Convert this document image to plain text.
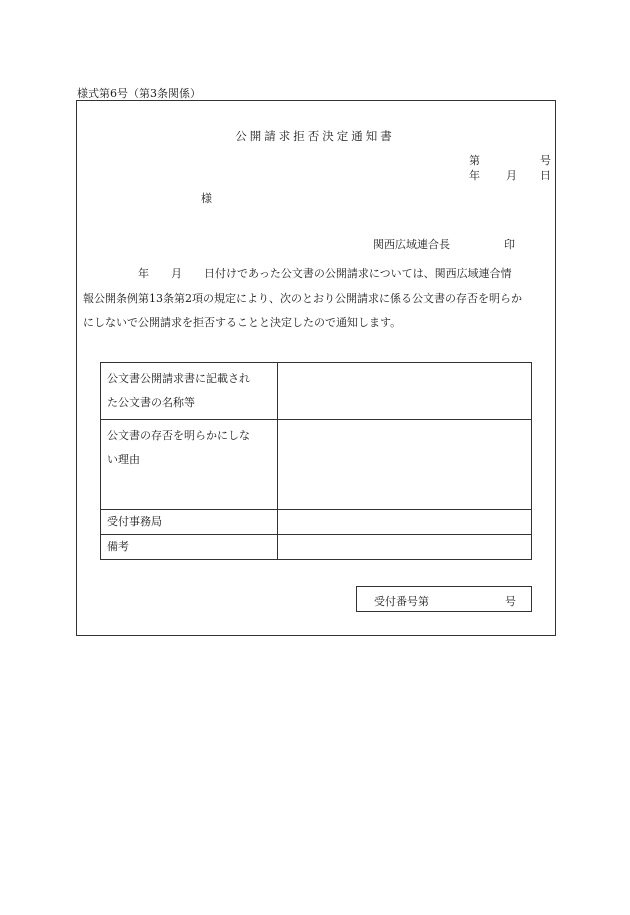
様式第6号（第3条関係）
公開請求拒否決定通知書
第	号
年 月 日
様
関西広域連合長	印
　　　　　年　　月　　日付けであった公文書の公開請求については、関西広域連合情
報公開条例第13条第2項の規定により、次のとおり公開請求に係る公文書の存否を明らか
にしないで公開請求を拒否することと決定したので通知します。
公文書公開請求書に記載され
た公文書の名称等	

公文書の存否を明らかにしな
い理由	

受付事務局	

備考	

受付番号第	号
